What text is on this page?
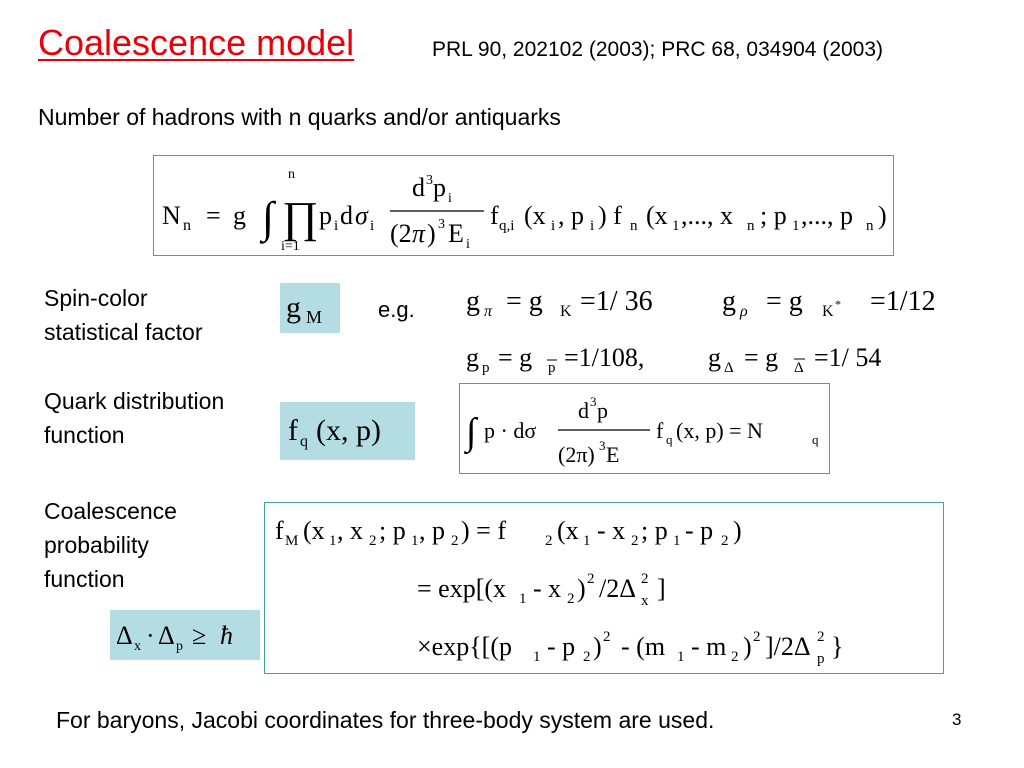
Coalescence model	PRL 90, 202102 (2003); PRC 68, 034904 (2003)
Number of hadrons with n quarks and/or antiquarks
N n = g ∫ ∏
n
i=1
p i d σ i
d 3 p i
(2 π ) 3 E i
f q,i (x i , p i ) f n (x 1 ,..., x n ; p 1 ,..., p n )
Spin-color
statistical factor
g M	e.g. g π = g K =1/ 36 g ρ = g K * =1/12
g p = g p =1/108, g Δ = g Δ =1/ 54
Quark distribution
function	f q (x, p) ∫ p · dσ
d 3 p
(2π) 3 E
f q (x, p) = N	q
Coalescence
probability
function
Δ x · Δ p ≥ ħ
f M (x 1 , x 2 ; p 1 , p 2 ) = f	2 (x 1 - x 2 ; p 1 - p 2 )
= exp[(x 1 - x 2 ) 2 /2Δ 2
x ]
×exp{[(p 1 - p 2 ) 2 - (m 1 - m 2 ) 2 ]/2Δ 2
p }
For baryons, Jacobi coordinates for three-body system are used.	3
